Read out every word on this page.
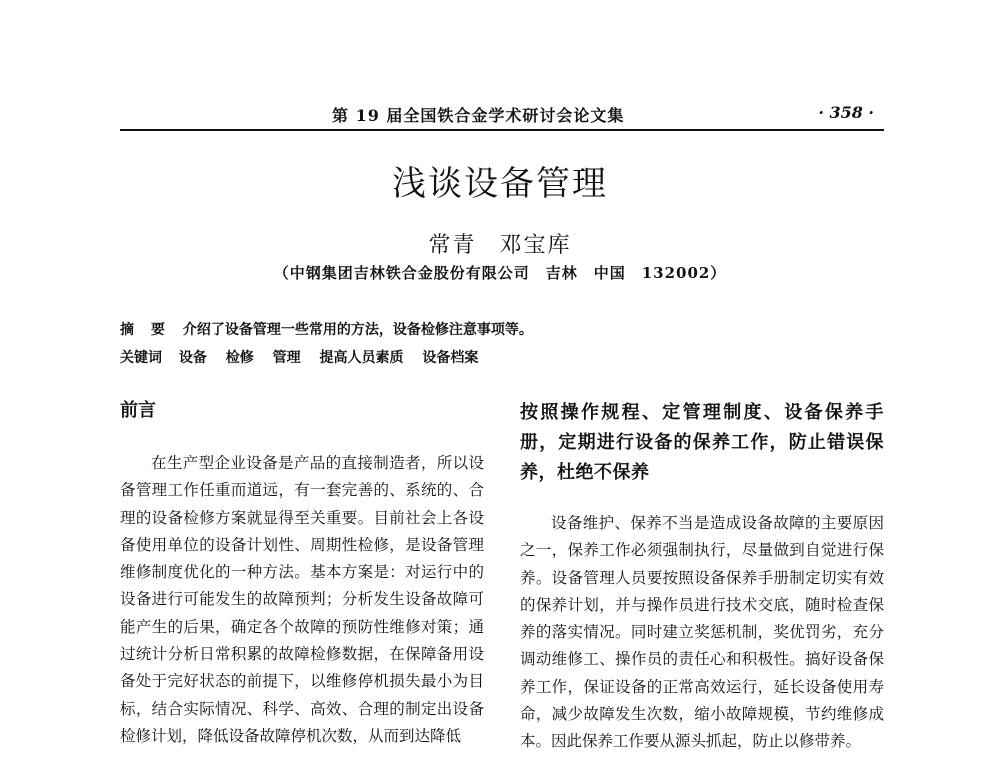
第 19 届全国铁合金学术研讨会论文集	· 358 ·
浅谈设备管理
常青 邓宝库
（中钢集团吉林铁合金股份有限公司　吉林　中国　132002）
摘 要 介绍了设备管理一些常用的方法，设备检修注意事项等。
关键词 设备 检修 管理 提高人员素质 设备档案
前言

在生产型企业设备是产品的直接制造者，所以设备管理工作任重而道远，有一套完善的、系统的、合理的设备检修方案就显得至关重要。目前社会上各设备使用单位的设备计划性、周期性检修，是设备管理维修制度优化的一种方法。基本方案是：对运行中的设备进行可能发生的故障预判；分析发生设备故障可能产生的后果，确定各个故障的预防性维修对策；通过统计分析日常积累的故障检修数据，在保障备用设备处于完好状态的前提下，以维修停机损失最小为目标，结合实际情况、科学、高效、合理的制定出设备检修计划，降低设备故障停机次数，从而到达降低

按照操作规程、定管理制度、设备保养手册，定期进行设备的保养工作，防止错误保养，杜绝不保养

设备维护、保养不当是造成设备故障的主要原因之一，保养工作必须强制执行，尽量做到自觉进行保养。设备管理人员要按照设备保养手册制定切实有效的保养计划，并与操作员进行技术交底，随时检查保养的落实情况。同时建立奖惩机制，奖优罚劣，充分调动维修工、操作员的责任心和积极性。搞好设备保养工作，保证设备的正常高效运行，延长设备使用寿命，减少故障发生次数，缩小故障规模，节约维修成本。因此保养工作要从源头抓起，防止以修带养。
